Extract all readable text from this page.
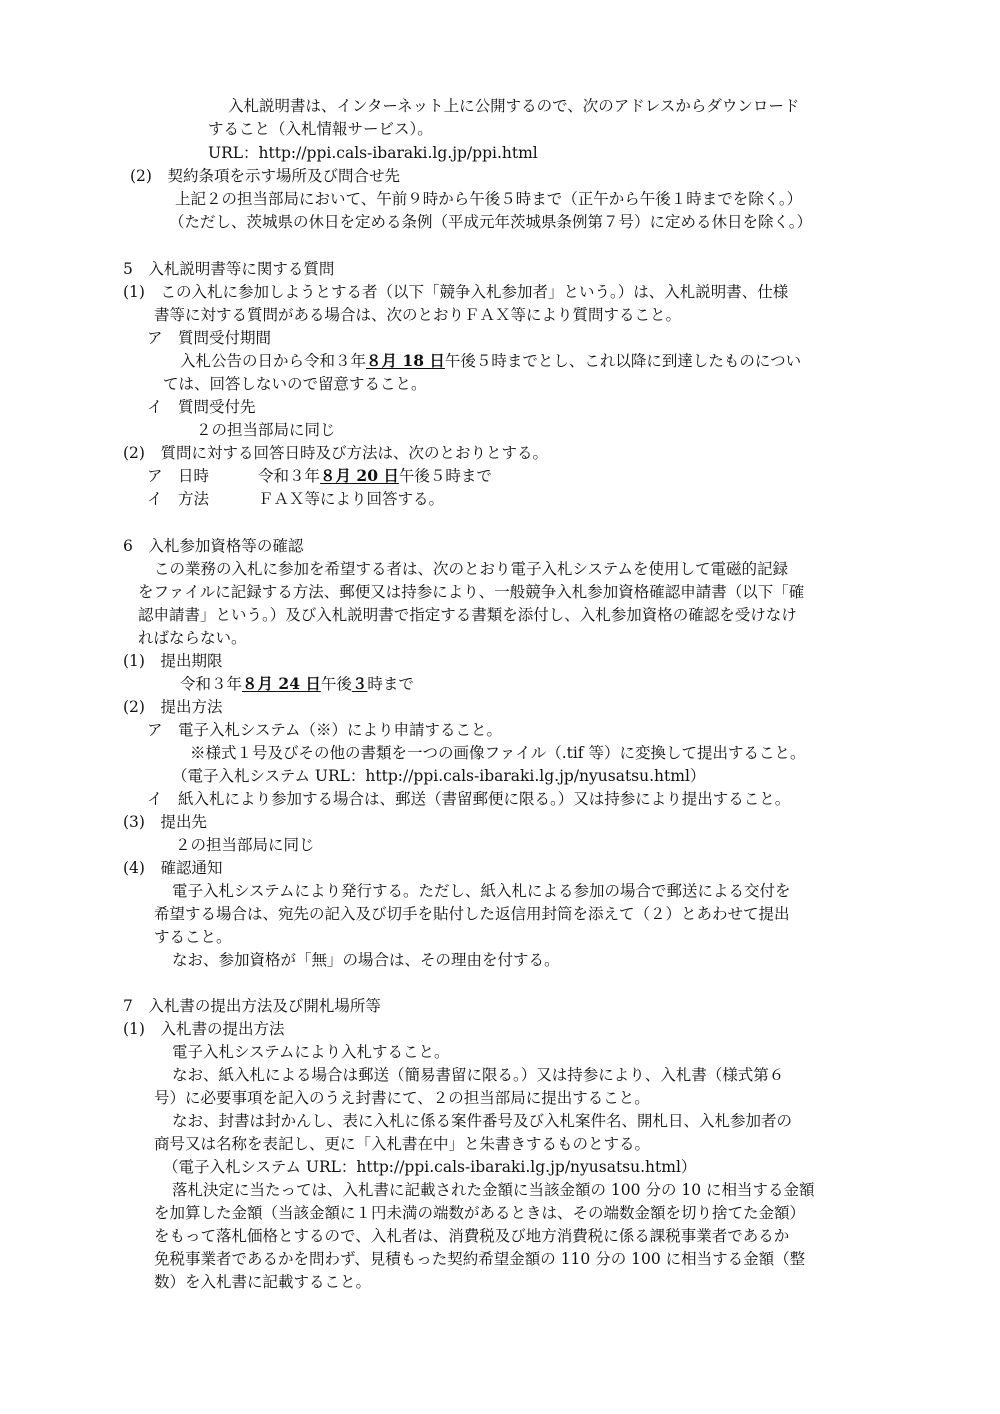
入札説明書は、インターネット上に公開するので、次のアドレスからダウンロード
すること（入札情報サービス）。
URL：http://ppi.cals-ibaraki.lg.jp/ppi.html
(2)　契約条項を示す場所及び問合せ先
上記２の担当部局において、午前９時から午後５時まで（正午から午後１時までを除く。）
（ただし、茨城県の休日を定める条例（平成元年茨城県条例第７号）に定める休日を除く。）
5　入札説明書等に関する質問
(1)　この入札に参加しようとする者（以下「競争入札参加者」という。）は、入札説明書、仕様
書等に対する質問がある場合は、次のとおりＦＡＸ等により質問すること。
ア　質問受付期間
入札公告の日から令和３年８月 18 日午後５時までとし、これ以降に到達したものについ
ては、回答しないので留意すること。
イ　質問受付先
２の担当部局に同じ
(2)　質問に対する回答日時及び方法は、次のとおりとする。
ア　日時	令和３年８月 20 日午後５時まで
イ　方法	ＦＡＸ等により回答する。
6　入札参加資格等の確認
この業務の入札に参加を希望する者は、次のとおり電子入札システムを使用して電磁的記録
をファイルに記録する方法、郵便又は持参により、一般競争入札参加資格確認申請書（以下「確
認申請書」という。）及び入札説明書で指定する書類を添付し、入札参加資格の確認を受けなけ
ればならない。
(1)　提出期限
令和３年８月 24 日午後３時まで
(2)　提出方法
ア　電子入札システム（※）により申請すること。
※様式１号及びその他の書類を一つの画像ファイル（.tif 等）に変換して提出すること。
（電子入札システム URL：http://ppi.cals-ibaraki.lg.jp/nyusatsu.html）
イ　紙入札により参加する場合は、郵送（書留郵便に限る。）又は持参により提出すること。
(3)　提出先
２の担当部局に同じ
(4)　確認通知
電子入札システムにより発行する。ただし、紙入札による参加の場合で郵送による交付を
希望する場合は、宛先の記入及び切手を貼付した返信用封筒を添えて（２）とあわせて提出
すること。
なお、参加資格が「無」の場合は、その理由を付する。
7　入札書の提出方法及び開札場所等
(1)　入札書の提出方法
電子入札システムにより入札すること。
なお、紙入札による場合は郵送（簡易書留に限る。）又は持参により、入札書（様式第６
号）に必要事項を記入のうえ封書にて、２の担当部局に提出すること。
なお、封書は封かんし、表に入札に係る案件番号及び入札案件名、開札日、入札参加者の
商号又は名称を表記し、更に「入札書在中」と朱書きするものとする。
（電子入札システム URL：http://ppi.cals-ibaraki.lg.jp/nyusatsu.html）
落札決定に当たっては、入札書に記載された金額に当該金額の 100 分の 10 に相当する金額
を加算した金額（当該金額に１円未満の端数があるときは、その端数金額を切り捨てた金額）
をもって落札価格とするので、入札者は、消費税及び地方消費税に係る課税事業者であるか
免税事業者であるかを問わず、見積もった契約希望金額の 110 分の 100 に相当する金額（整
数）を入札書に記載すること。
